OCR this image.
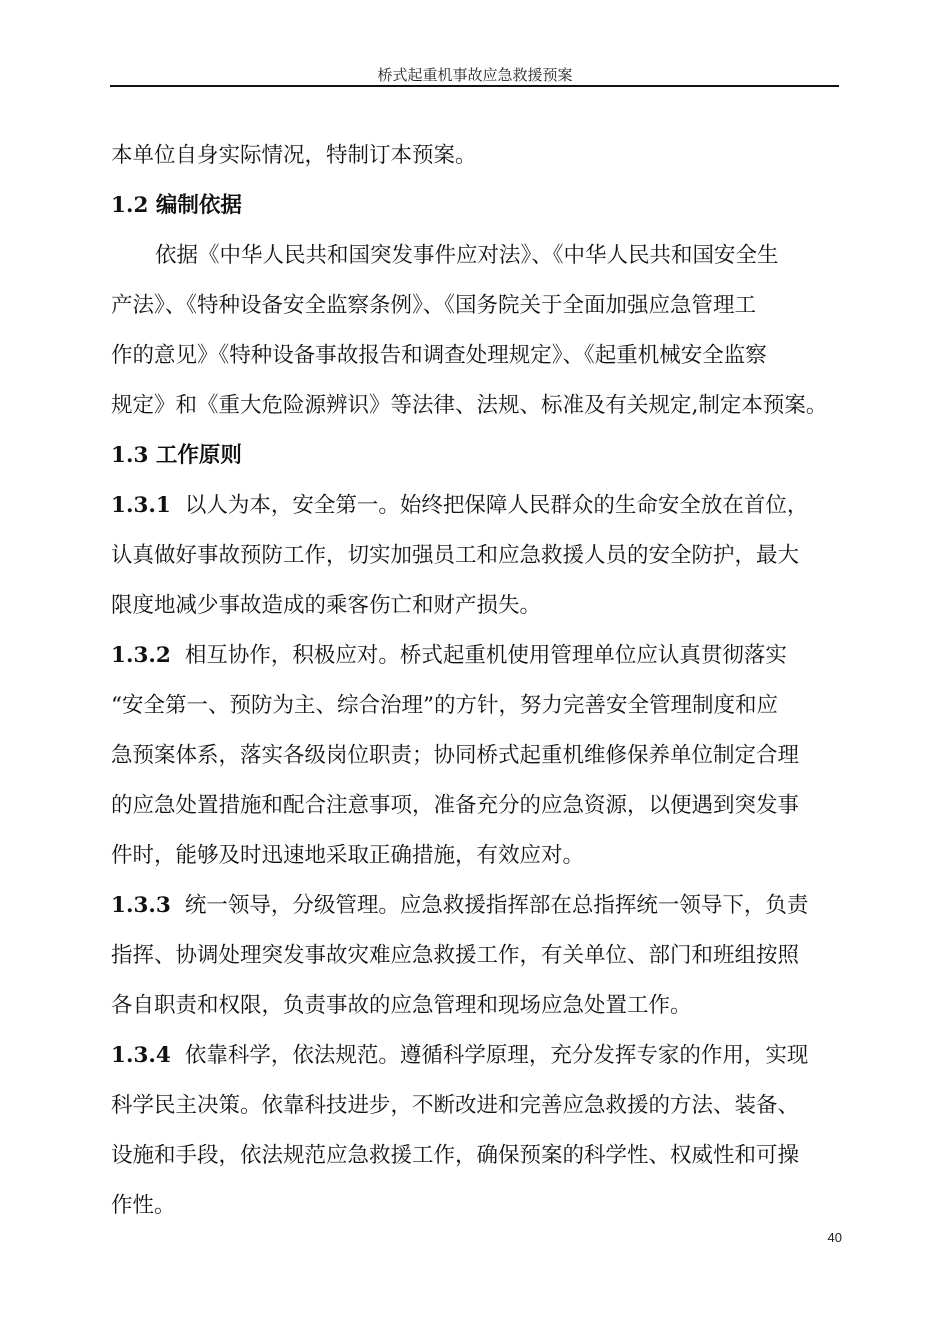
桥式起重机事故应急救援预案
本单位自身实际情况，特制订本预案。
1.2 编制依据
依据《中华人民共和国突发事件应对法》、《中华人民共和国安全生
产法》、《特种设备安全监察条例》、《国务院关于全面加强应急管理工
作的意见》《特种设备事故报告和调查处理规定》、《起重机械安全监察
规定》和《重大危险源辨识》等法律、法规、标准及有关规定,制定本预案。
1.3 工作原则
1.3.1 以人为本，安全第一。始终把保障人民群众的生命安全放在首位，
认真做好事故预防工作，切实加强员工和应急救援人员的安全防护，最大
限度地减少事故造成的乘客伤亡和财产损失。
1.3.2 相互协作，积极应对。桥式起重机使用管理单位应认真贯彻落实
“安全第一、预防为主、综合治理”的方针，努力完善安全管理制度和应
急预案体系，落实各级岗位职责；协同桥式起重机维修保养单位制定合理
的应急处置措施和配合注意事项，准备充分的应急资源，以便遇到突发事
件时，能够及时迅速地采取正确措施，有效应对。
1.3.3 统一领导，分级管理。应急救援指挥部在总指挥统一领导下，负责
指挥、协调处理突发事故灾难应急救援工作，有关单位、部门和班组按照
各自职责和权限，负责事故的应急管理和现场应急处置工作。
1.3.4 依靠科学，依法规范。遵循科学原理，充分发挥专家的作用，实现
科学民主决策。依靠科技进步，不断改进和完善应急救援的方法、装备、
设施和手段，依法规范应急救援工作，确保预案的科学性、权威性和可操
作性。
40
